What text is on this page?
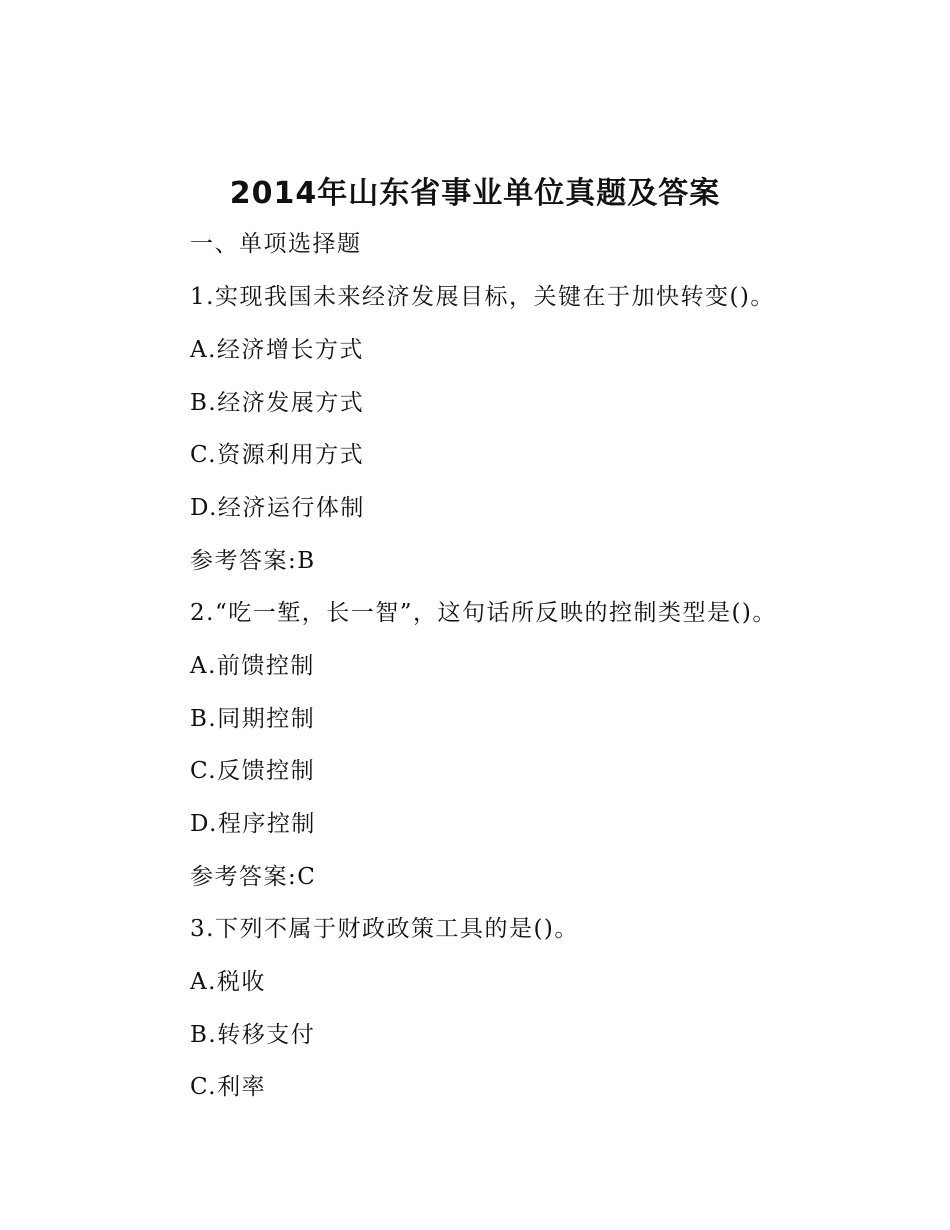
2014年山东省事业单位真题及答案
一、单项选择题
1.实现我国未来经济发展目标，关键在于加快转变()。
A.经济增长方式
B.经济发展方式
C.资源利用方式
D.经济运行体制
参考答案:B
2.“吃一堑，长一智”，这句话所反映的控制类型是()。
A.前馈控制
B.同期控制
C.反馈控制
D.程序控制
参考答案:C
3.下列不属于财政政策工具的是()。
A.税收
B.转移支付
C.利率
